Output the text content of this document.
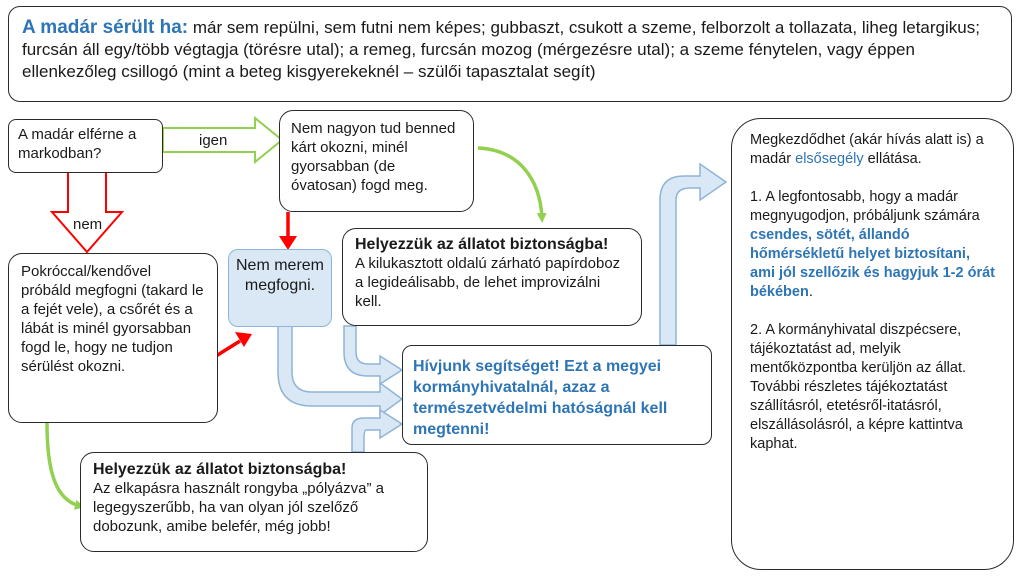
A madár sérült ha: már sem repülni, sem futni nem képes; gubbaszt, csukott a szeme, felborzolt a tollazata, liheg letargikus; furcsán áll egy/több végtagja (törésre utal); a remeg, furcsán mozog (mérgezésre utal); a szeme fénytelen, vagy éppen ellenkezőleg csillogó (mint a beteg kisgyerekeknél – szülői tapasztalat segít)
A madár elférne a markodban?
igen
nem
Nem nagyon tud benned kárt okozni, minél gyorsabban (de óvatosan) fogd meg.
Pokróccal/kendővel próbáld megfogni (takard le a fejét vele), a csőrét és a lábát is minél gyorsabban fogd le, hogy ne tudjon sérülést okozni.
Nem merem megfogni.
Helyezzük az állatot biztonságba!
A kilukasztott oldalú zárható papírdoboz a legideálisabb, de lehet improvizálni kell.
Hívjunk segítséget! Ezt a megyei kormányhivatalnál, azaz a természetvédelmi hatóságnál kell megtenni!
Helyezzük az állatot biztonságba!
Az elkapásra használt rongyba „pólyázva” a legegyszerűbb, ha van olyan jól szelőző dobozunk, amibe belefér, még jobb!
Megkezdődhet (akár hívás alatt is) a madár elsősegély ellátása.
1. A legfontosabb, hogy a madár megnyugodjon, próbáljunk számára csendes, sötét, állandó hőmérsékletű helyet biztosítani, ami jól szellőzik és hagyjuk 1-2 órát békében.
2. A kormányhivatal diszpécsere, tájékoztatást ad, melyik mentőközpontba kerüljön az állat. További részletes tájékoztatást szállításról, etetésről-itatásról, elszállásolásról, a képre kattintva kaphat.
